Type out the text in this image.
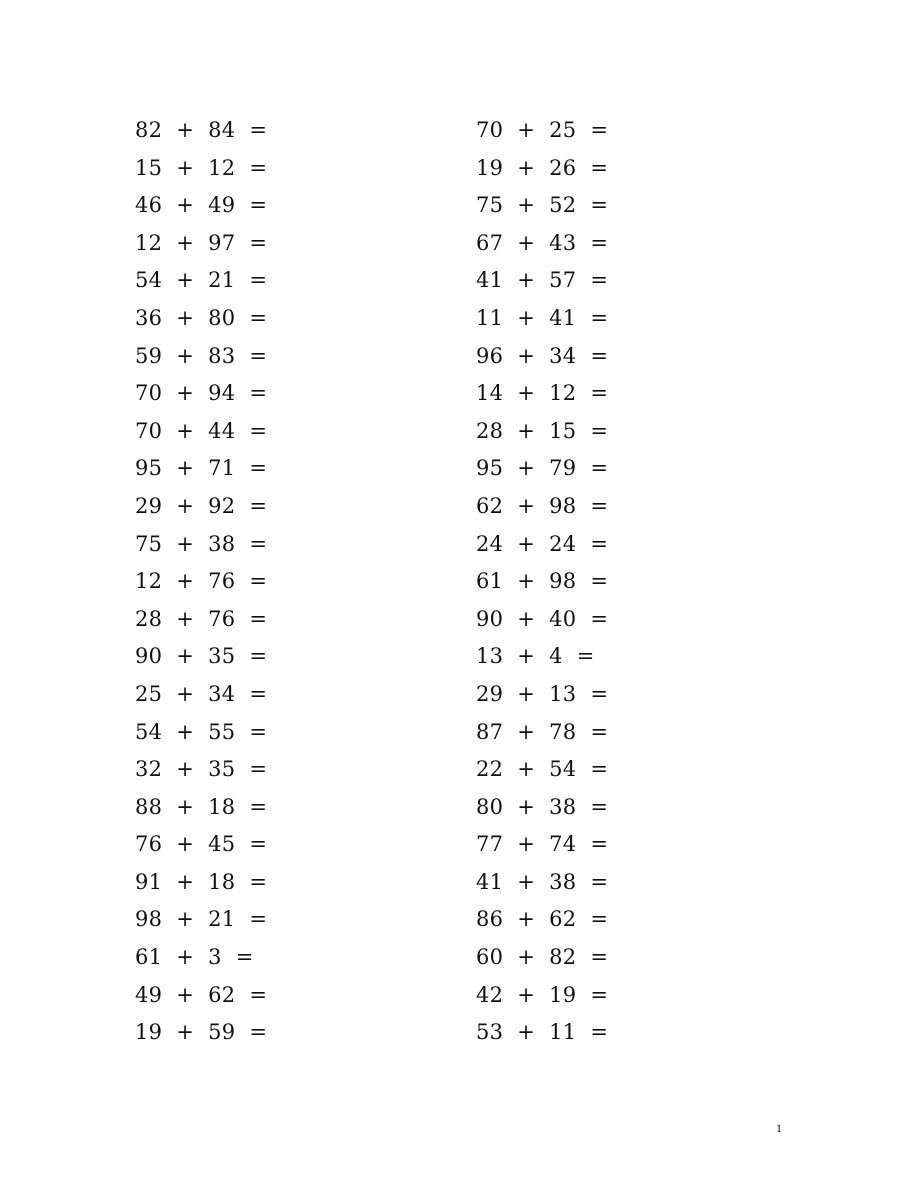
82  +  84  =
15  +  12  =
46  +  49  =
12  +  97  =
54  +  21  =
36  +  80  =
59  +  83  =
70  +  94  =
70  +  44  =
95  +  71  =
29  +  92  =
75  +  38  =
12  +  76  =
28  +  76  =
90  +  35  =
25  +  34  =
54  +  55  =
32  +  35  =
88  +  18  =
76  +  45  =
91  +  18  =
98  +  21  =
61  +  3  =
49  +  62  =
19  +  59  =
70  +  25  =
19  +  26  =
75  +  52  =
67  +  43  =
41  +  57  =
11  +  41  =
96  +  34  =
14  +  12  =
28  +  15  =
95  +  79  =
62  +  98  =
24  +  24  =
61  +  98  =
90  +  40  =
13  +  4  =
29  +  13  =
87  +  78  =
22  +  54  =
80  +  38  =
77  +  74  =
41  +  38  =
86  +  62  =
60  +  82  =
42  +  19  =
53  +  11  =
1
